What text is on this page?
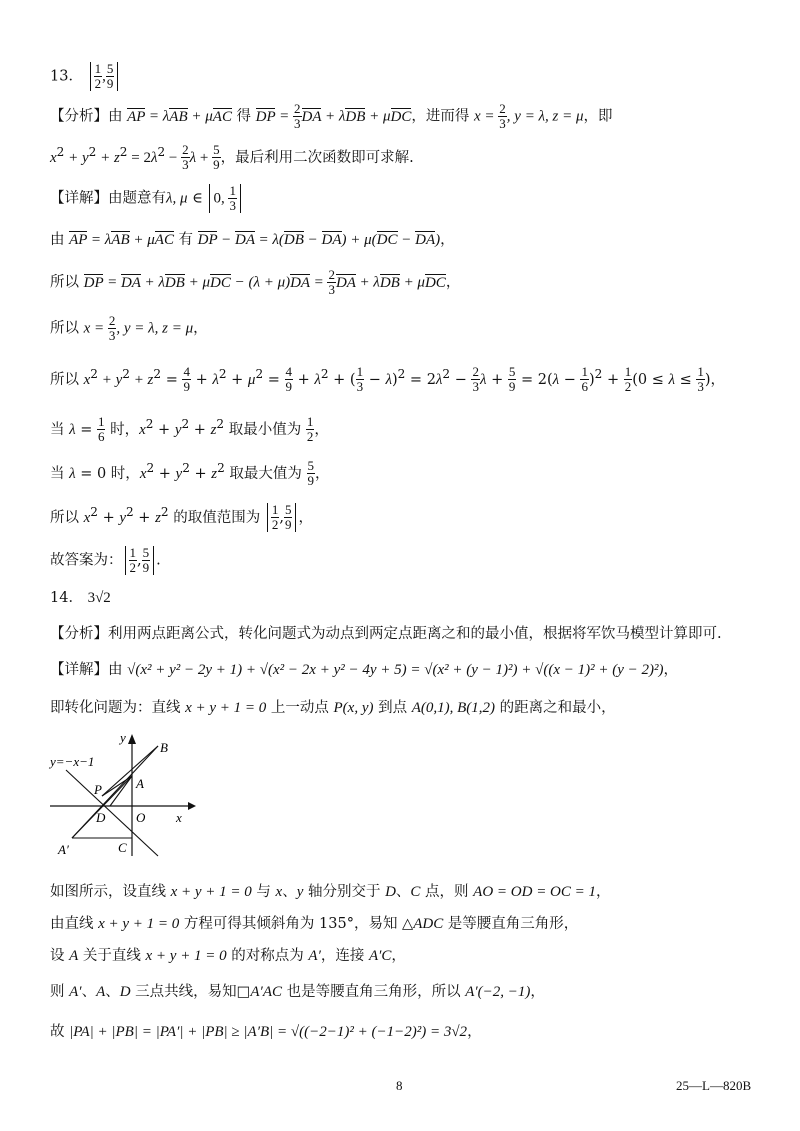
13． $\frac{1}{2}$ , $\frac{5}{9}$
【分析】由 AP = λAB + μAC 得 DP = $\frac{2}{3}$ DA + λDB + μDC，进而得 $x = \frac{2}{3}$ , y = λ, z = μ，即
$x^2 + y^2 + z^2 = 2\lambda^2 - \frac{2}{3}$ $\lambda + \frac{5}{9}$ ，最后利用二次函数即可求解.
【详解】由题意有λ, μ ∈ 0, $\frac{1}{3}$
由 AP = λAB + μAC 有 DP − DA = λ(DB − DA) + μ(DC − DA)，
所以 DP = DA + $\lambda DB + \mu DC - (\lambda + \mu)DA = \frac{2}{3}$ DA + λDB + μDC，
所以 $x = \frac{2}{3}$ , y = λ, z = μ，
所以 $x^2 + y^2 + z^2 = \frac{4}{9} + \lambda^2 + \mu^2 = \frac{4}{9} + \lambda^2$ + ( $\frac{1}{3} - \lambda)^2 = 2\lambda^2 - \frac{2}{3}$ $\lambda + \frac{5}{9} = 2(\lambda - \frac{1}{6} )^2 + \frac{1}{2} (0 \le \lambda \le \frac{1}{3}$ )，
当 $\lambda = \frac{1}{6}$ 时，$x^2 + y^2 + z^2$ 取最小值为 $\frac{1}{2}$ ，
当 λ = 0 时，$x^2 + y^2 + z^2$ 取最大值为 $\frac{5}{9}$ ，
所以 $x^2 + y^2 + z^2$ 的取值范围为 $\frac{1}{2}$ , $\frac{5}{9}$ ，
故答案为： $\frac{1}{2}$ , $\frac{5}{9}$ .
14． 3√2
【分析】利用两点距离公式，转化问题式为动点到两定点距离之和的最小值，根据将军饮马模型计算即可.
【详解】由 √(x² + y² − 2y + 1) + √(x² − 2x + y² − 4y + 5) = √(x² + (y − 1)²) + √((x − 1)² + (y − 2)²)，
即转化问题为：直线 x + y + 1 = 0 上一动点 P(x, y) 到点 A(0,1), B(1,2) 的距离之和最小，
y=−x−1
y
x
B
A
P
D O
A′	C
如图所示，设直线 x + y + 1 = 0 与 x、y 轴分别交于 D、C 点，则 AO = OD = OC = 1，
由直线 x + y + 1 = 0 方程可得其倾斜角为 135°，易知 △ADC 是等腰直角三角形，
设 A 关于直线 x + y + 1 = 0 的对称点为 A′，连接 A′C，
则 A′、A、D 三点共线，易知□A′AC 也是等腰直角三角形，所以 A′(−2, −1)，
故 |PA| + |PB| = |PA′| + |PB| ≥ |A′B| = √((−2−1)² + (−1−2)²) = 3√2，
8	25—L—820B
